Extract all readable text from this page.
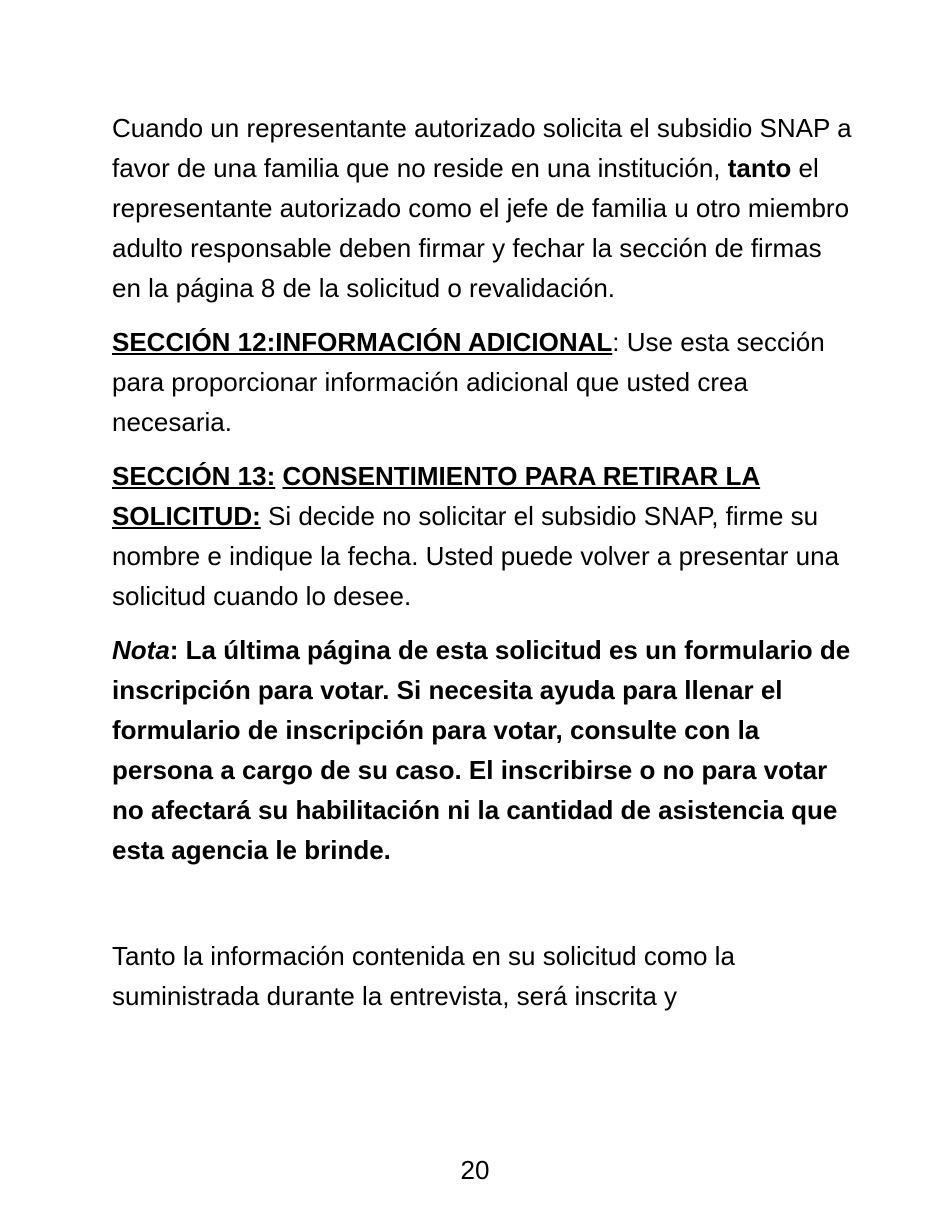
Cuando un representante autorizado solicita el subsidio SNAP a favor de una familia que no reside en una institución, tanto el representante autorizado como el jefe de familia u otro miembro adulto responsable deben firmar y fechar la sección de firmas en la página 8 de la solicitud o revalidación.

SECCIÓN 12:INFORMACIÓN ADICIONAL: Use esta sección para proporcionar información adicional que usted crea necesaria.

SECCIÓN 13: CONSENTIMIENTO PARA RETIRAR LA SOLICITUD: Si decide no solicitar el subsidio SNAP, firme su nombre e indique la fecha. Usted puede volver a presentar una solicitud cuando lo desee.

Nota: La última página de esta solicitud es un formulario de inscripción para votar. Si necesita ayuda para llenar el formulario de inscripción para votar, consulte con la persona a cargo de su caso. El inscribirse o no para votar no afectará su habilitación ni la cantidad de asistencia que esta agencia le brinde.

Tanto la información contenida en su solicitud como la suministrada durante la entrevista, será inscrita y

20
